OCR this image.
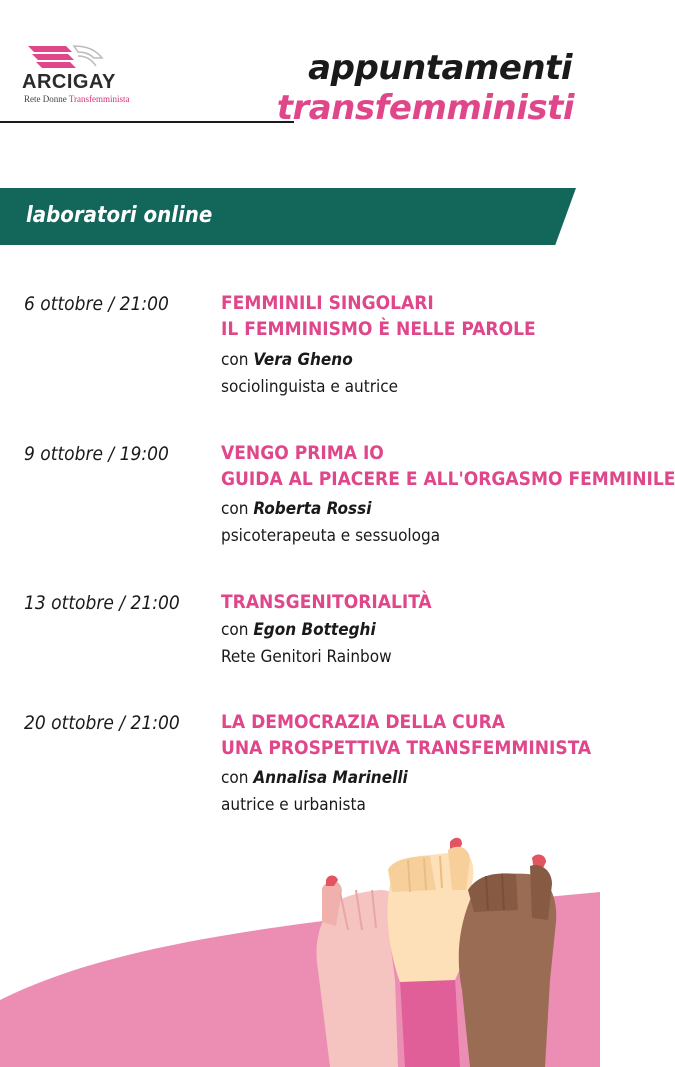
ARCIGAY
Rete Donne Transfemminista
appuntamenti
transfemministi
laboratori online
6 ottobre / 21:00	FEMMINILI SINGOLARI
IL FEMMINISMO È NELLE PAROLE
con Vera Gheno
sociolinguista e autrice
9 ottobre / 19:00	VENGO PRIMA IO
GUIDA AL PIACERE E ALL'ORGASMO FEMMINILE
con Roberta Rossi
psicoterapeuta e sessuologa
13 ottobre / 21:00 TRANSGENITORIALITÀ
con Egon Botteghi
Rete Genitori Rainbow
20 ottobre / 21:00 LA DEMOCRAZIA DELLA CURA
UNA PROSPETTIVA TRANSFEMMINISTA
con Annalisa Marinelli
autrice e urbanista
